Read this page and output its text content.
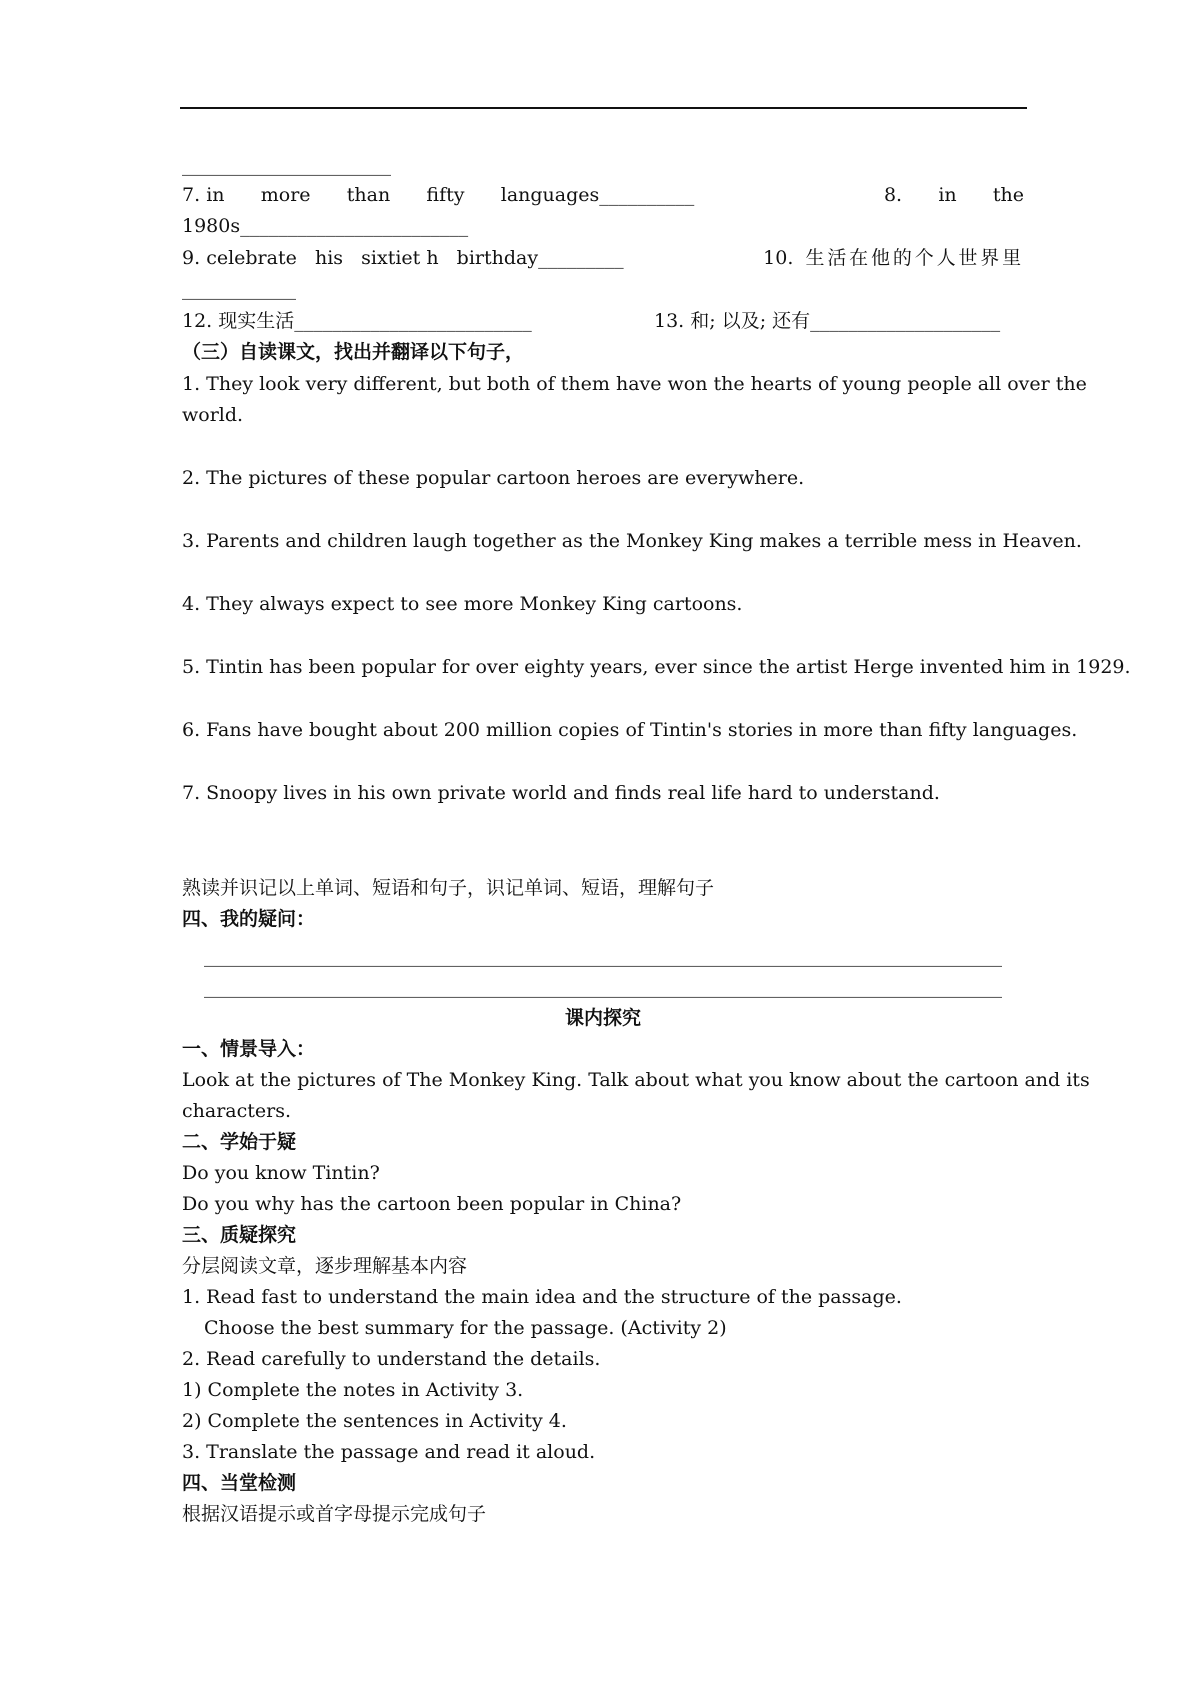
______________________
7. in      more      than      fifty      languages__________	8. in      the
1980s________________________
9. celebrate   his   sixtiet h   birthday_________	10. 生活在他的个人世界里
____________
12. 现实生活_________________________	13. 和; 以及; 还有____________________
（三）自读课文，找出并翻译以下句子，
1. They look very different, but both of them have won the hearts of young people all over the
world.
2. The pictures of these popular cartoon heroes are everywhere.
3. Parents and children laugh together as the Monkey King makes a terrible mess in Heaven.
4. They always expect to see more Monkey King cartoons.
5. Tintin has been popular for over eighty years, ever since the artist Herge invented him in 1929.
6. Fans have bought about 200 million copies of Tintin's stories in more than fifty languages.
7. Snoopy lives in his own private world and finds real life hard to understand.
熟读并识记以上单词、短语和句子，识记单词、短语，理解句子
四、我的疑问：
____________________________________________________________________________________
____________________________________________________________________________________
课内探究
一、情景导入：
Look at the pictures of The Monkey King. Talk about what you know about the cartoon and its
characters.
二、学始于疑
Do you know Tintin?
Do you why has the cartoon been popular in China?
三、质疑探究
分层阅读文章，逐步理解基本内容
1. Read fast to understand the main idea and the structure of the passage.
Choose the best summary for the passage. (Activity 2)
2. Read carefully to understand the details.
1) Complete the notes in Activity 3.
2) Complete the sentences in Activity 4.
3. Translate the passage and read it aloud.
四、当堂检测
根据汉语提示或首字母提示完成句子
